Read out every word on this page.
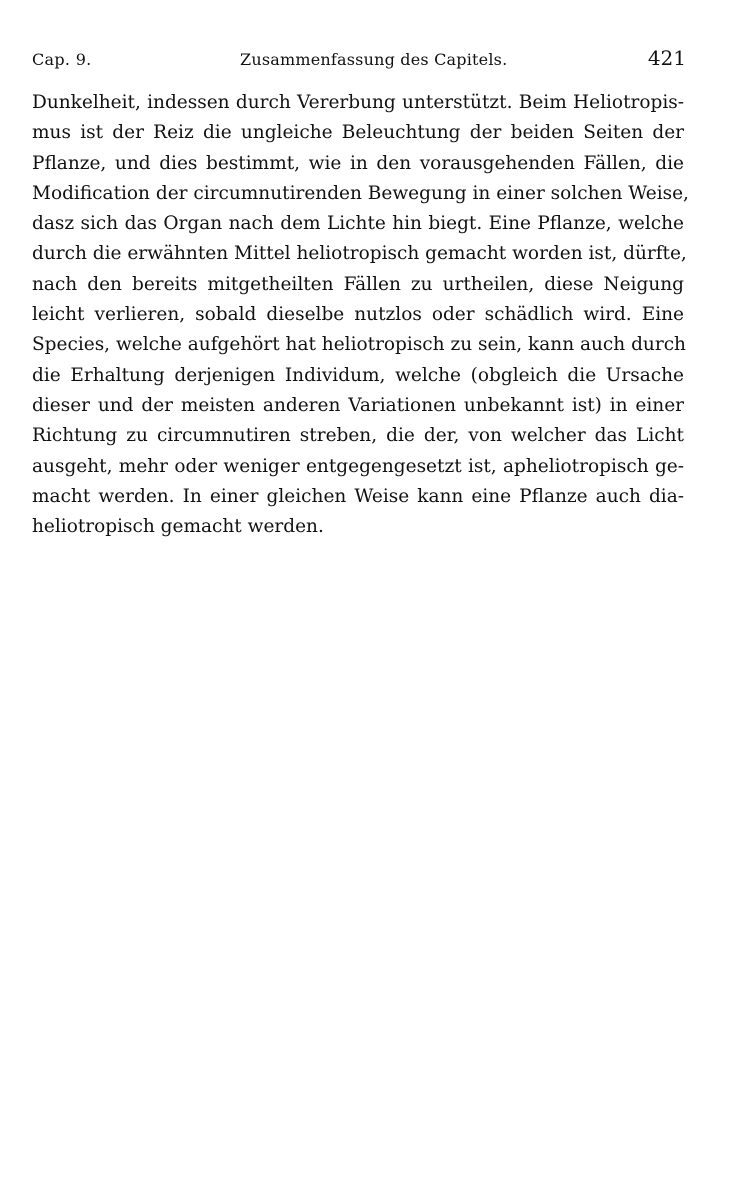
Cap. 9.	Zusammenfassung des Capitels.	421
Dunkelheit, indessen durch Vererbung unterstützt. Beim Heliotropis-
mus ist der Reiz die ungleiche Beleuchtung der beiden Seiten der
Pflanze, und dies bestimmt, wie in den vorausgehenden Fällen, die
Modification der circumnutirenden Bewegung in einer solchen Weise,
dasz sich das Organ nach dem Lichte hin biegt. Eine Pflanze, welche
durch die erwähnten Mittel heliotropisch gemacht worden ist, dürfte,
nach den bereits mitgetheilten Fällen zu urtheilen, diese Neigung
leicht verlieren, sobald dieselbe nutzlos oder schädlich wird. Eine
Species, welche aufgehört hat heliotropisch zu sein, kann auch durch
die Erhaltung derjenigen Individum, welche (obgleich die Ursache
dieser und der meisten anderen Variationen unbekannt ist) in einer
Richtung zu circumnutiren streben, die der, von welcher das Licht
ausgeht, mehr oder weniger entgegengesetzt ist, apheliotropisch ge-
macht werden. In einer gleichen Weise kann eine Pflanze auch dia-
heliotropisch gemacht werden.
